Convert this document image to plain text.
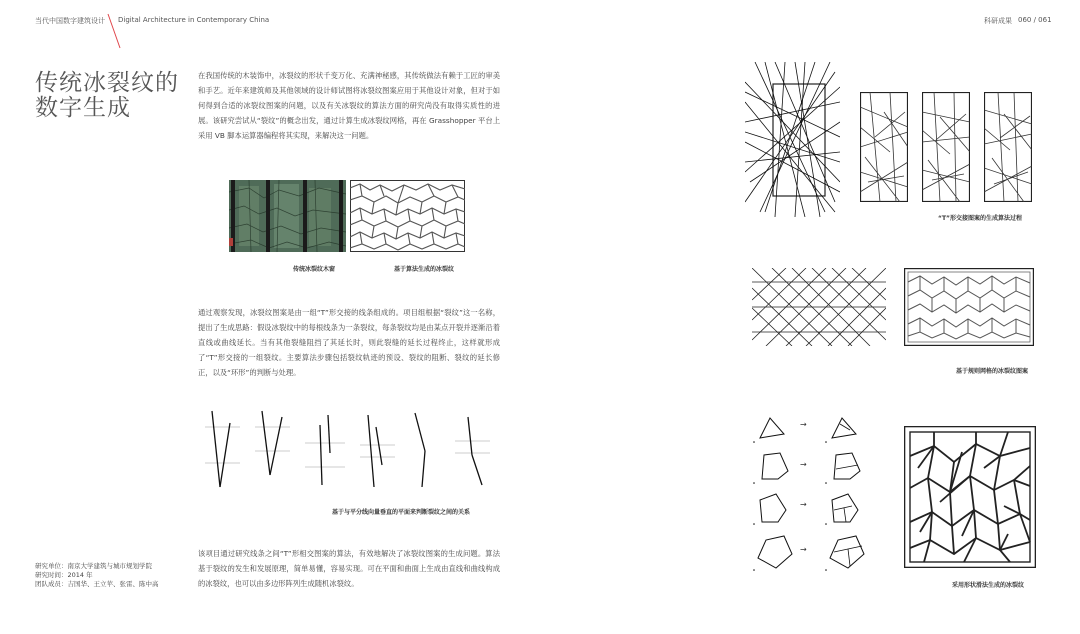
当代中国数字建筑设计 Digital Architecture in Contemporary China	科研成果 060 / 061
传统冰裂纹的
数字生成
在我国传统的木装饰中，冰裂纹的形状千变万化、充满神秘感，其传统做法有赖于工匠的审美和手艺。近年来建筑师及其他领域的设计师试图将冰裂纹图案应用于其他设计对象，但对于如何得到合适的冰裂纹图案的问题，以及有关冰裂纹的算法方面的研究尚没有取得实质性的进展。该研究尝试从“裂纹”的概念出发，通过计算生成冰裂纹网格，再在 Grasshopper 平台上采用 VB 脚本运算器编程将其实现，来解决这一问题。
传统冰裂纹木窗	基于算法生成的冰裂纹
通过观察发现，冰裂纹图案是由一组“T”形交接的线条组成的。项目组根据“裂纹”这一名称，提出了生成思路：假设冰裂纹中的每根线条为一条裂纹，每条裂纹均是由某点开裂并逐渐沿着直线或曲线延长。当有其他裂缝阻挡了其延长时，则此裂缝的延长过程终止，这样就形成了“T”形交接的一组裂纹。主要算法步骤包括裂纹轨迹的预设、裂纹的阻断、裂纹的延长修正，以及“环形”的判断与处理。
基于与平分线向量垂直的平面来判断裂纹之间的关系
研究单位：南京大学建筑与城市规划学院
研究时间：2014 年
团队成员：吉国华、王立苹、张雷、陈中高
该项目通过研究线条之间“T”形相交图案的算法，有效地解决了冰裂纹图案的生成问题。算法基于裂纹的发生和发展原理，简单易懂，容易实现。可在平面和曲面上生成由直线和曲线构成的冰裂纹，也可以由多边形阵列生成随机冰裂纹。
“T”形交接图案的生成算法过程
基于规则网格的冰裂纹图案
→
→
→
→
采用形状滑法生成的冰裂纹
